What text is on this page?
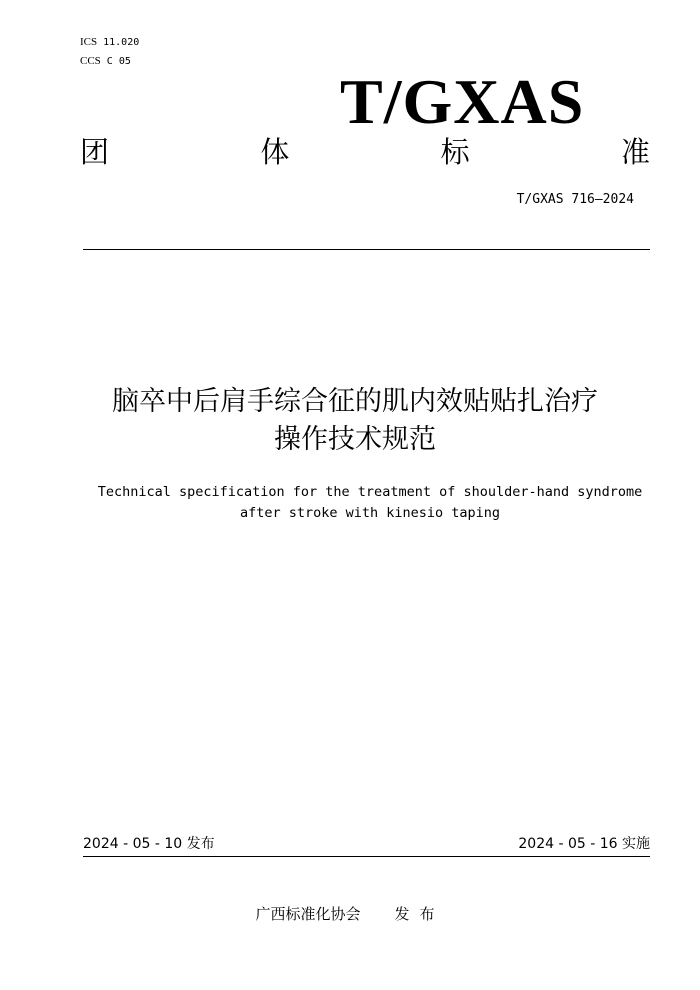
ICS 11.020
CCS C 05
T/GXAS
团	体	标	准
T/GXAS 716—2024
脑卒中后肩手综合征的肌内效贴贴扎治疗
操作技术规范
Technical specification for the treatment of shoulder-hand syndrome
after stroke with kinesio taping
2024 - 05 - 10 发布	2024 - 05 - 16 实施
广西标准化协会 发布
